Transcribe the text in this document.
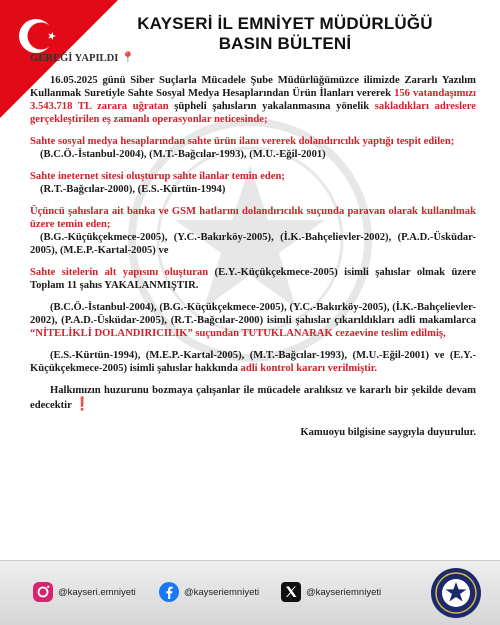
KAYSERİ İL EMNİYET MÜDÜRLÜĞÜ
BASIN BÜLTENİ
GEREĞİ YAPILDI 📍

16.05.2025 günü Siber Suçlarla Mücadele Şube Müdürlüğümüzce ilimizde Zararlı Yazılım Kullanmak Suretiyle Sahte Sosyal Medya Hesaplarından Ürün İlanları vererek 156 vatandaşımızı 3.543.718 TL zarara uğratan şüpheli şahısların yakalanmasına yönelik sakladıkları adreslere gerçekleştirilen eş zamanlı operasyonlar neticesinde;

Sahte sosyal medya hesaplarından sahte ürün ilanı vererek dolandırıcılık yaptığı tespit edilen;
(B.C.Ö.-İstanbul-2004), (M.T.-Bağcılar-1993), (M.U.-Eğil-2001)

Sahte ineternet sitesi oluşturup sahte ilanlar temin eden;
(R.T.-Bağcılar-2000), (E.S.-Kürtün-1994)

Üçüncü şahıslara ait banka ve GSM hatlarını dolandırıcılık suçunda paravan olarak kullanılmak üzere temin eden;
(B.G.-Küçükçekmece-2005), (Y.C.-Bakırköy-2005), (İ.K.-Bahçelievler-2002), (P.A.D.-Üsküdar-2005), (M.E.P.-Kartal-2005) ve

Sahte sitelerin alt yapısını oluşturan (E.Y.-Küçükçekmece-2005) isimli şahıslar olmak üzere Toplam 11 şahıs YAKALANMIŞTIR.

(B.C.Ö.-İstanbul-2004), (B.G.-Küçükçekmece-2005), (Y.C.-Bakırköy-2005), (İ.K.-Bahçelievler-2002), (P.A.D.-Üsküdar-2005), (R.T.-Bağcılar-2000) isimli şahıslar çıkarıldıkları adli makamlarca “NİTELİKLİ DOLANDIRICILIK” suçundan TUTUKLANARAK cezaevine teslim edilmiş,

(E.S.-Kürtün-1994), (M.E.P.-Kartal-2005), (M.T.-Bağcılar-1993), (M.U.-Eğil-2001) ve (E.Y.-Küçükçekmece-2005) isimli şahıslar hakkında adli kontrol kararı verilmiştir.

Halkımızın huzurunu bozmaya çalışanlar ile mücadele aralıksız ve kararlı bir şekilde devam edecektir ❗

Kamuoyu bilgisine saygıyla duyurulur.
@kayseri.emniyeti	@kayseriemniyeti	@kayseriemniyeti
